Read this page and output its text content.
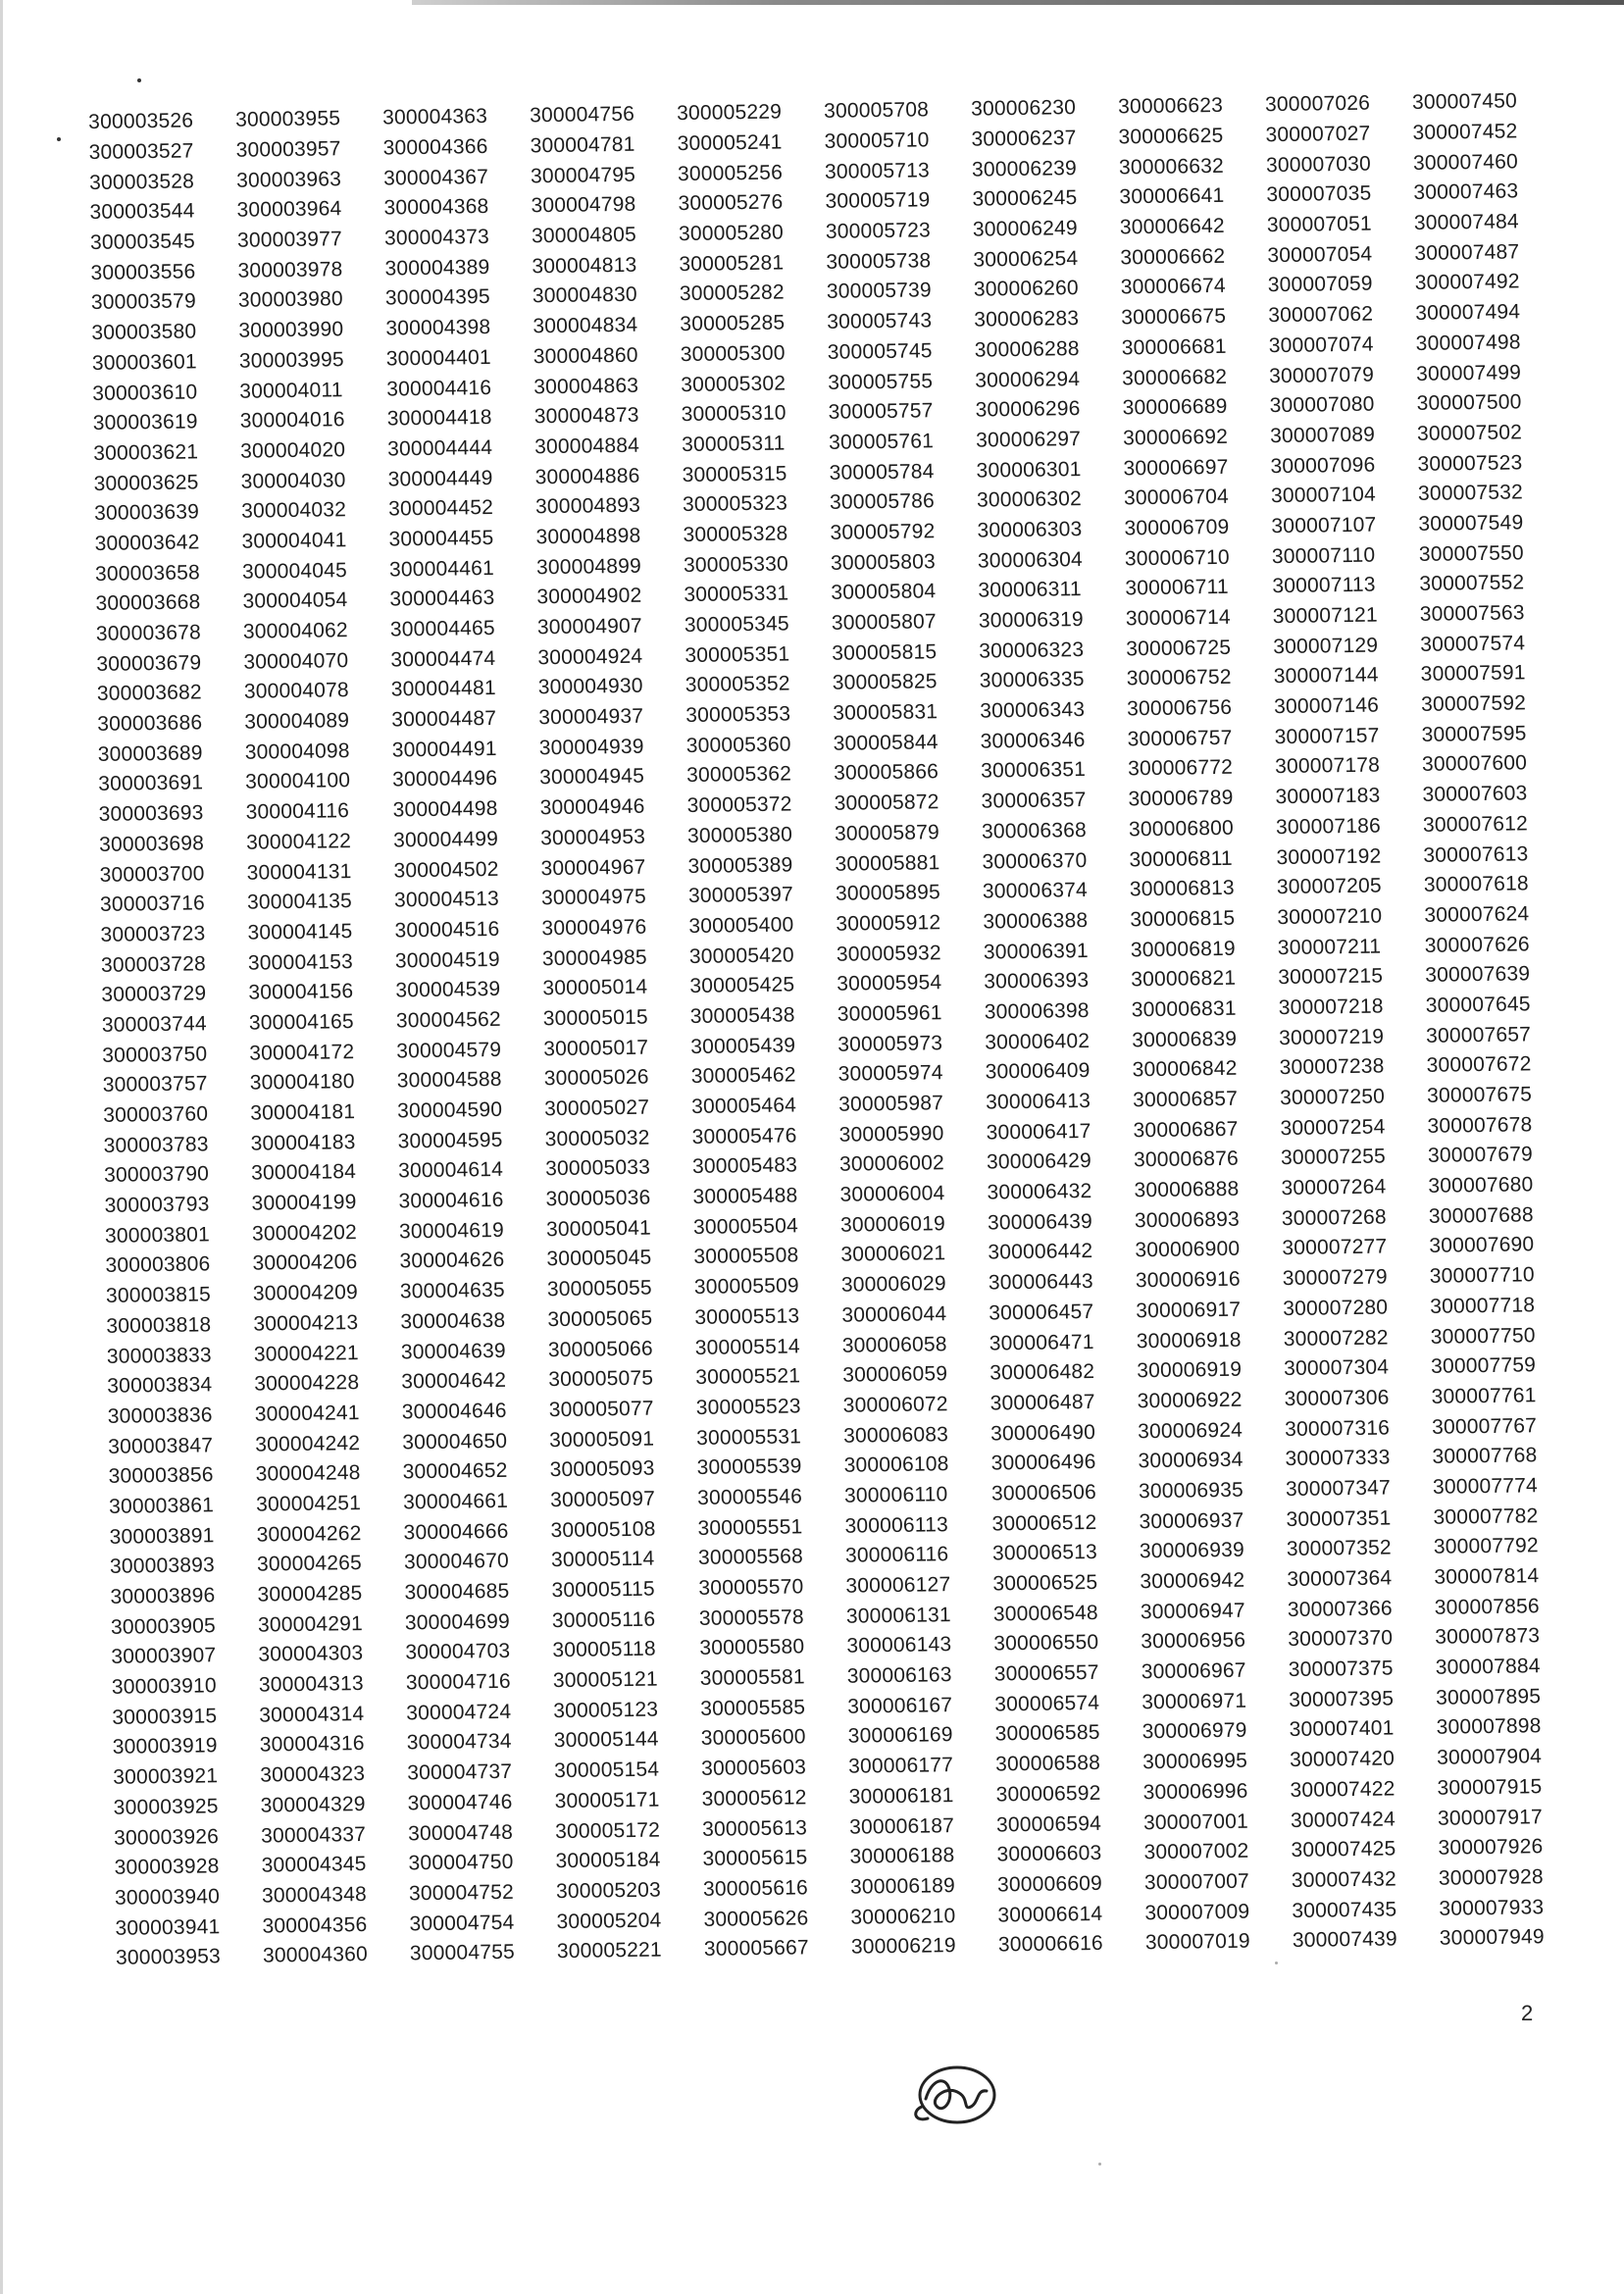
300003526	300003955	300004363	300004756	300005229	300005708	300006230	300006623	300007026	300007450
300003527	300003957	300004366	300004781	300005241	300005710	300006237	300006625	300007027	300007452
300003528	300003963	300004367	300004795	300005256	300005713	300006239	300006632	300007030	300007460
300003544	300003964	300004368	300004798	300005276	300005719	300006245	300006641	300007035	300007463
300003545	300003977	300004373	300004805	300005280	300005723	300006249	300006642	300007051	300007484
300003556	300003978	300004389	300004813	300005281	300005738	300006254	300006662	300007054	300007487
300003579	300003980	300004395	300004830	300005282	300005739	300006260	300006674	300007059	300007492
300003580	300003990	300004398	300004834	300005285	300005743	300006283	300006675	300007062	300007494
300003601	300003995	300004401	300004860	300005300	300005745	300006288	300006681	300007074	300007498
300003610	300004011	300004416	300004863	300005302	300005755	300006294	300006682	300007079	300007499
300003619	300004016	300004418	300004873	300005310	300005757	300006296	300006689	300007080	300007500
300003621	300004020	300004444	300004884	300005311	300005761	300006297	300006692	300007089	300007502
300003625	300004030	300004449	300004886	300005315	300005784	300006301	300006697	300007096	300007523
300003639	300004032	300004452	300004893	300005323	300005786	300006302	300006704	300007104	300007532
300003642	300004041	300004455	300004898	300005328	300005792	300006303	300006709	300007107	300007549
300003658	300004045	300004461	300004899	300005330	300005803	300006304	300006710	300007110	300007550
300003668	300004054	300004463	300004902	300005331	300005804	300006311	300006711	300007113	300007552
300003678	300004062	300004465	300004907	300005345	300005807	300006319	300006714	300007121	300007563
300003679	300004070	300004474	300004924	300005351	300005815	300006323	300006725	300007129	300007574
300003682	300004078	300004481	300004930	300005352	300005825	300006335	300006752	300007144	300007591
300003686	300004089	300004487	300004937	300005353	300005831	300006343	300006756	300007146	300007592
300003689	300004098	300004491	300004939	300005360	300005844	300006346	300006757	300007157	300007595
300003691	300004100	300004496	300004945	300005362	300005866	300006351	300006772	300007178	300007600
300003693	300004116	300004498	300004946	300005372	300005872	300006357	300006789	300007183	300007603
300003698	300004122	300004499	300004953	300005380	300005879	300006368	300006800	300007186	300007612
300003700	300004131	300004502	300004967	300005389	300005881	300006370	300006811	300007192	300007613
300003716	300004135	300004513	300004975	300005397	300005895	300006374	300006813	300007205	300007618
300003723	300004145	300004516	300004976	300005400	300005912	300006388	300006815	300007210	300007624
300003728	300004153	300004519	300004985	300005420	300005932	300006391	300006819	300007211	300007626
300003729	300004156	300004539	300005014	300005425	300005954	300006393	300006821	300007215	300007639
300003744	300004165	300004562	300005015	300005438	300005961	300006398	300006831	300007218	300007645
300003750	300004172	300004579	300005017	300005439	300005973	300006402	300006839	300007219	300007657
300003757	300004180	300004588	300005026	300005462	300005974	300006409	300006842	300007238	300007672
300003760	300004181	300004590	300005027	300005464	300005987	300006413	300006857	300007250	300007675
300003783	300004183	300004595	300005032	300005476	300005990	300006417	300006867	300007254	300007678
300003790	300004184	300004614	300005033	300005483	300006002	300006429	300006876	300007255	300007679
300003793	300004199	300004616	300005036	300005488	300006004	300006432	300006888	300007264	300007680
300003801	300004202	300004619	300005041	300005504	300006019	300006439	300006893	300007268	300007688
300003806	300004206	300004626	300005045	300005508	300006021	300006442	300006900	300007277	300007690
300003815	300004209	300004635	300005055	300005509	300006029	300006443	300006916	300007279	300007710
300003818	300004213	300004638	300005065	300005513	300006044	300006457	300006917	300007280	300007718
300003833	300004221	300004639	300005066	300005514	300006058	300006471	300006918	300007282	300007750
300003834	300004228	300004642	300005075	300005521	300006059	300006482	300006919	300007304	300007759
300003836	300004241	300004646	300005077	300005523	300006072	300006487	300006922	300007306	300007761
300003847	300004242	300004650	300005091	300005531	300006083	300006490	300006924	300007316	300007767
300003856	300004248	300004652	300005093	300005539	300006108	300006496	300006934	300007333	300007768
300003861	300004251	300004661	300005097	300005546	300006110	300006506	300006935	300007347	300007774
300003891	300004262	300004666	300005108	300005551	300006113	300006512	300006937	300007351	300007782
300003893	300004265	300004670	300005114	300005568	300006116	300006513	300006939	300007352	300007792
300003896	300004285	300004685	300005115	300005570	300006127	300006525	300006942	300007364	300007814
300003905	300004291	300004699	300005116	300005578	300006131	300006548	300006947	300007366	300007856
300003907	300004303	300004703	300005118	300005580	300006143	300006550	300006956	300007370	300007873
300003910	300004313	300004716	300005121	300005581	300006163	300006557	300006967	300007375	300007884
300003915	300004314	300004724	300005123	300005585	300006167	300006574	300006971	300007395	300007895
300003919	300004316	300004734	300005144	300005600	300006169	300006585	300006979	300007401	300007898
300003921	300004323	300004737	300005154	300005603	300006177	300006588	300006995	300007420	300007904
300003925	300004329	300004746	300005171	300005612	300006181	300006592	300006996	300007422	300007915
300003926	300004337	300004748	300005172	300005613	300006187	300006594	300007001	300007424	300007917
300003928	300004345	300004750	300005184	300005615	300006188	300006603	300007002	300007425	300007926
300003940	300004348	300004752	300005203	300005616	300006189	300006609	300007007	300007432	300007928
300003941	300004356	300004754	300005204	300005626	300006210	300006614	300007009	300007435	300007933
300003953	300004360	300004755	300005221	300005667	300006219	300006616	300007019	300007439	300007949
2
